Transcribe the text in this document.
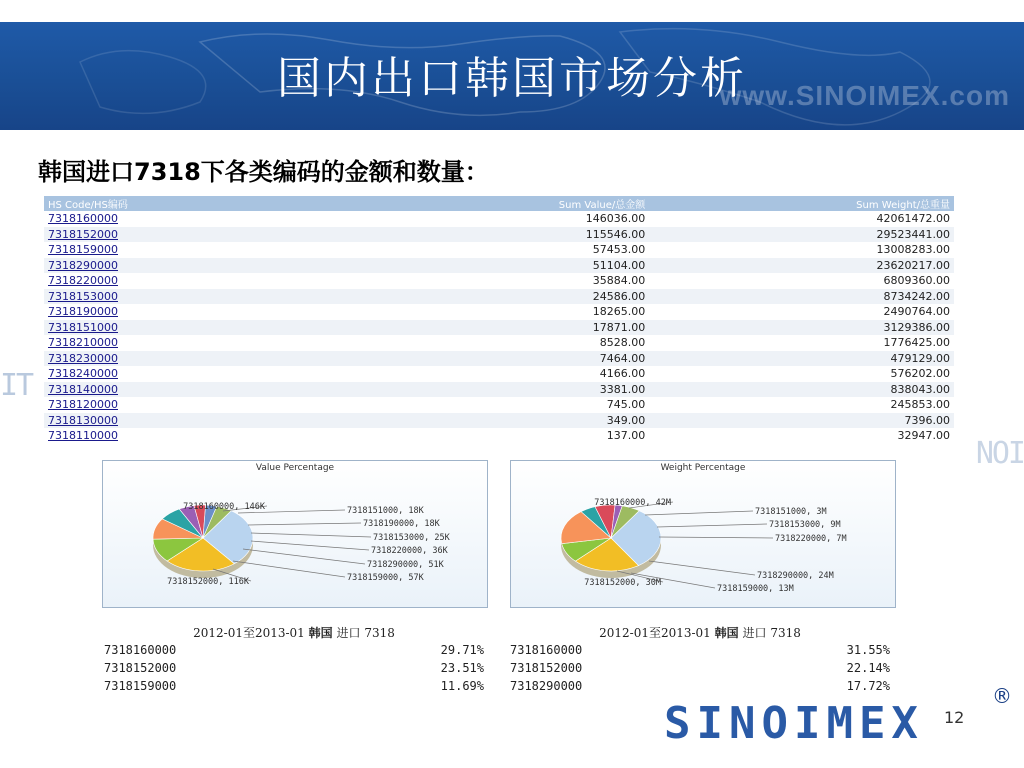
国内出口韩国市场分析
www.SINOIMEX.com
韩国进口7318下各类编码的金额和数量：
IT
NOI
HS Code/HS编码	Sum Value/总金额	Sum Weight/总重量
7318160000	146036.00	42061472.00
7318152000	115546.00	29523441.00
7318159000	57453.00	13008283.00
7318290000	51104.00	23620217.00
7318220000	35884.00	6809360.00
7318153000	24586.00	8734242.00
7318190000	18265.00	2490764.00
7318151000	17871.00	3129386.00
7318210000	8528.00	1776425.00
7318230000	7464.00	479129.00
7318240000	4166.00	576202.00
7318140000	3381.00	838043.00
7318120000	745.00	245853.00
7318130000	349.00	7396.00
7318110000	137.00	32947.00
Value Percentage
7318160000, 146K
7318152000, 116K	7318159000, 57K
7318290000, 51K
7318220000, 36K
7318153000, 25K
7318190000, 18K
7318151000, 18K
Weight Percentage
7318160000, 42M
7318152000, 30M
7318159000, 13M
7318290000, 24M
7318220000, 7M
7318153000, 9M
7318151000, 3M
2012-01至2013-01 韩国 进口 7318
7318160000	29.71%
7318152000	23.51%
7318159000	11.69%
2012-01至2013-01 韩国 进口 7318
7318160000	31.55%
7318152000	22.14%
7318290000	17.72%
SINOIMEX
®
12
